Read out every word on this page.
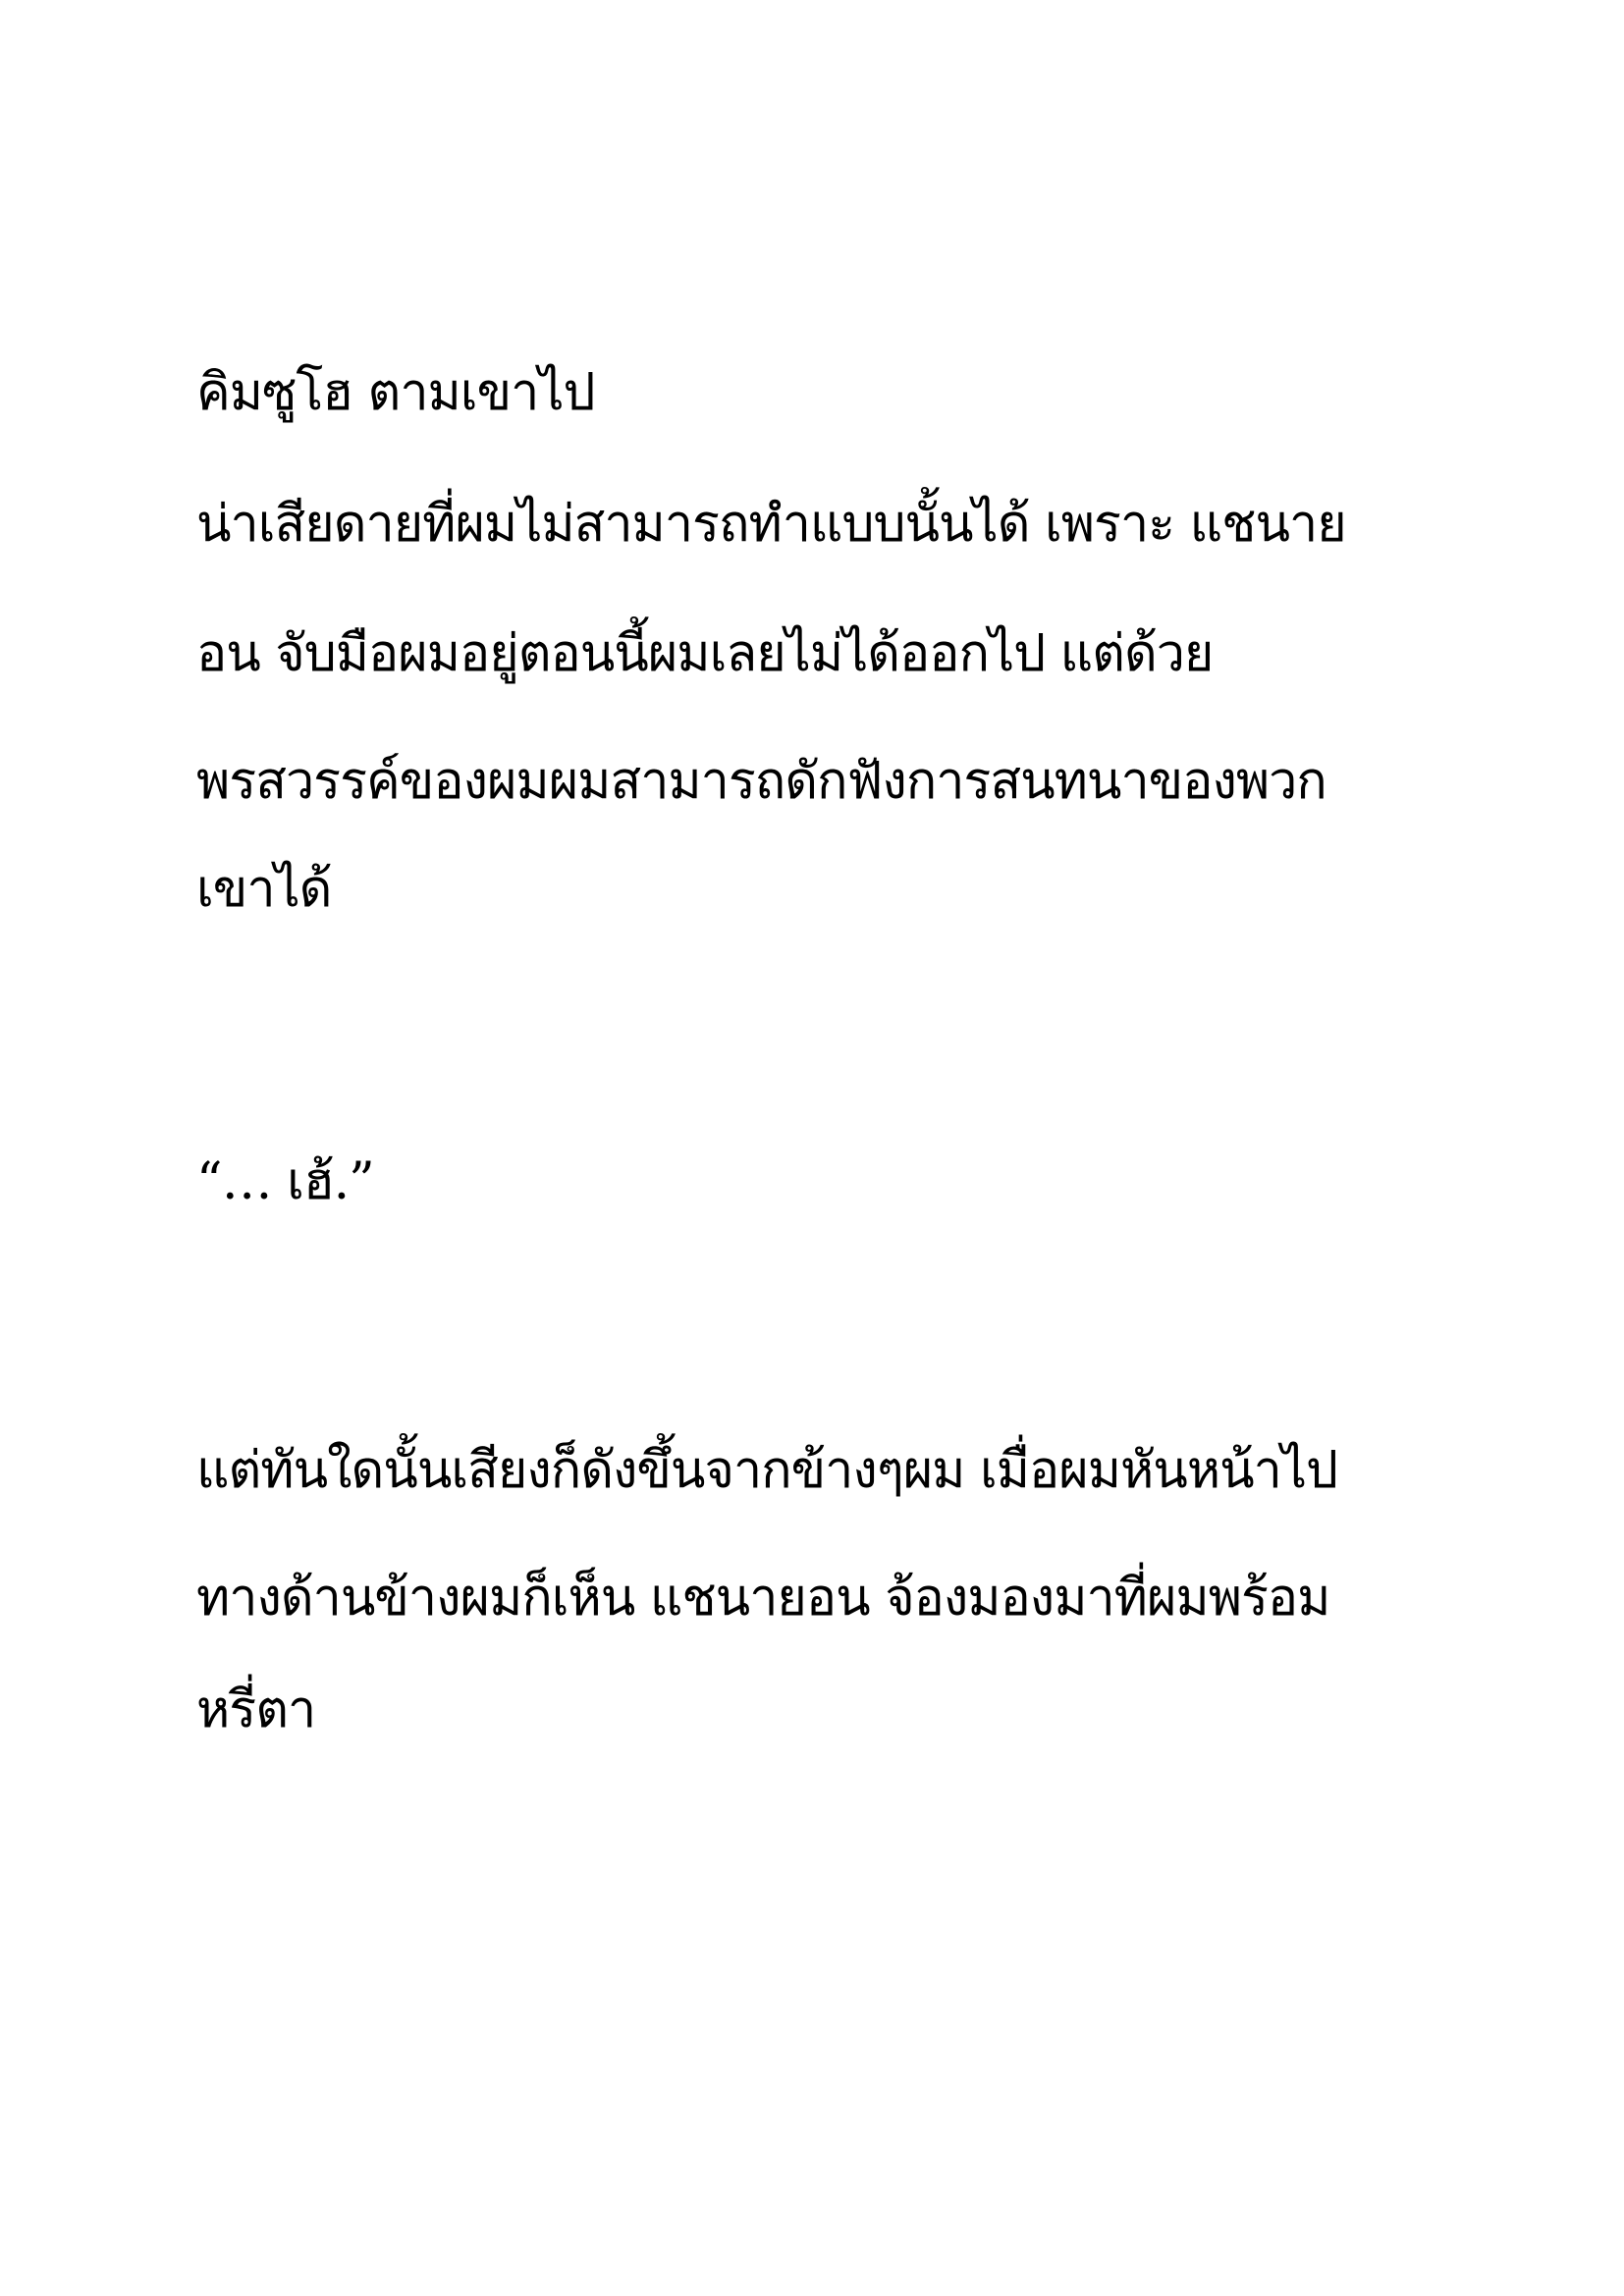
คิมซูโฮ ตามเขาไป
น่าเสียดายที่ผมไม่สามารถทำแบบนั้นได้ เพราะ แชนาย
อน จับมือผมอยู่ตอนนี้ผมเลยไม่ได้ออกไป แต่ด้วย
พรสวรรค์ของผมผมสามารถดักฟังการสนทนาของพวก
เขาได้
“… เฮ้.”
แต่ทันใดนั้นเสียงก็ดังขึ้นจากข้างๆผม เมื่อผมหันหน้าไป
ทางด้านข้างผมก็เห็น แชนายอน จ้องมองมาที่ผมพร้อม
หรี่ตา
